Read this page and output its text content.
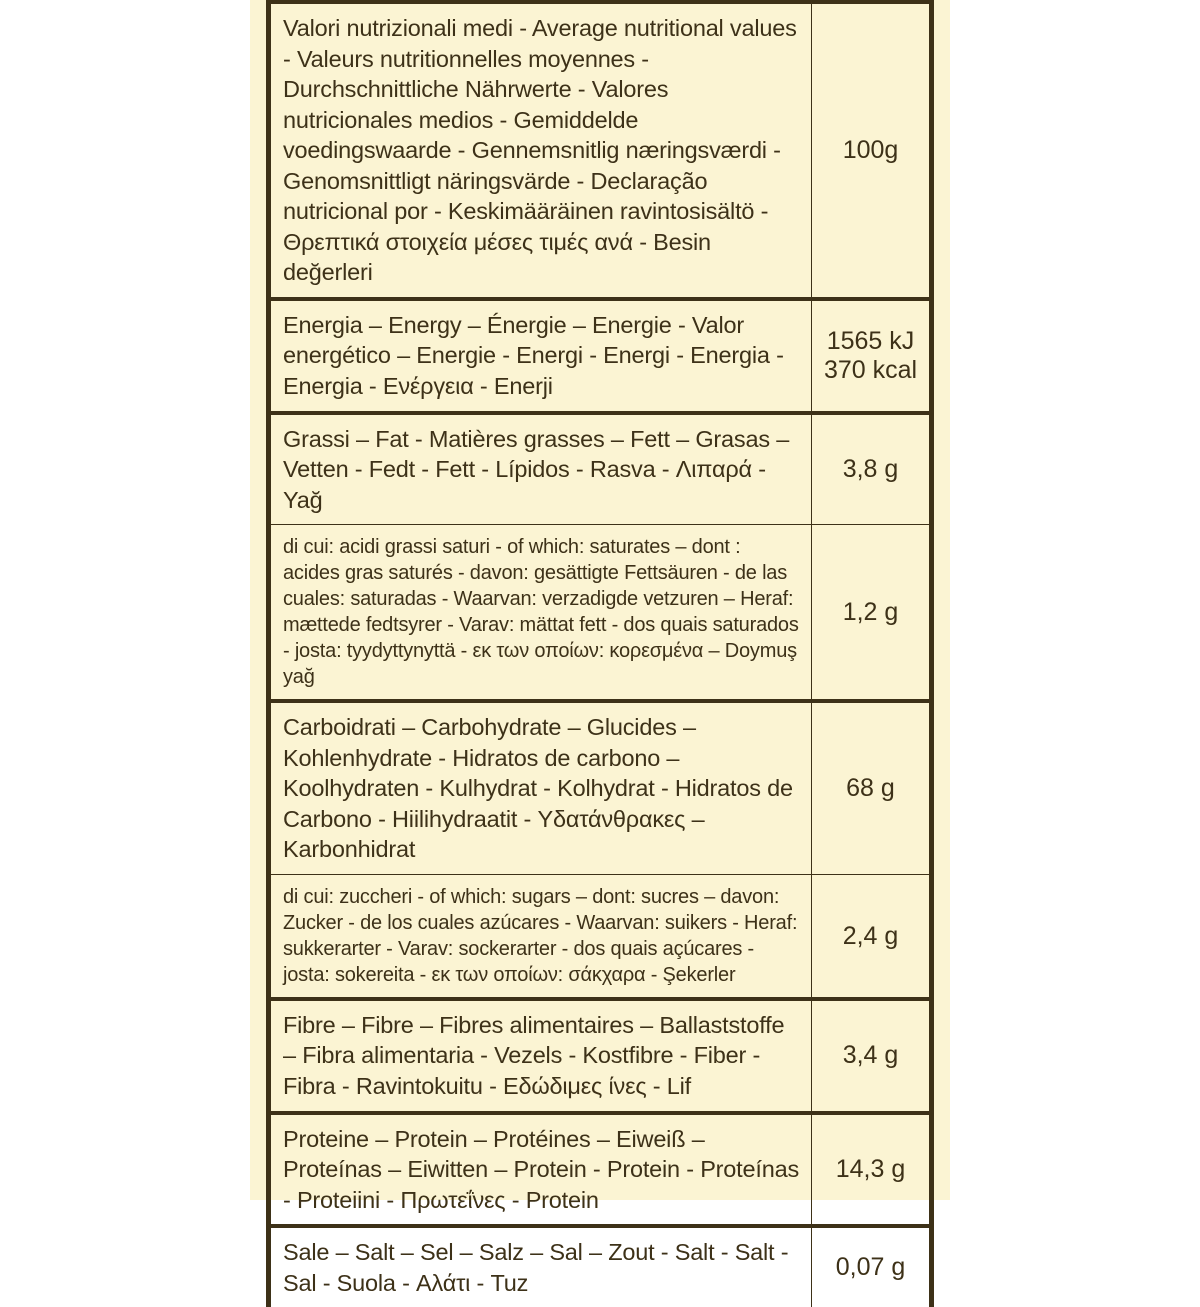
Valori nutrizionali medi - Average nutritional values - Valeurs nutritionnelles moyennes - Durchschnittliche Nährwerte - Valores nutricionales medios - Gemiddelde voedingswaarde - Gennemsnitlig næringsværdi - Genomsnittligt näringsvärde - Declaração nutricional por - Keskimääräinen ravintosisältö - Θρεπτικά στοιχεία μέσες τιμές ανά - Besin değerleri
100g
Energia – Energy – Énergie – Energie - Valor energético – Energie - Energi - Energi - Energia - Energia - Ενέργεια - Enerji
1565 kJ
370 kcal
Grassi – Fat - Matières grasses – Fett – Grasas – Vetten - Fedt - Fett - Lípidos - Rasva - Λιπαρά - Yağ
3,8 g
di cui: acidi grassi saturi - of which: saturates – dont : acides gras saturés - davon: gesättigte Fettsäuren - de las cuales: saturadas - Waarvan: verzadigde vetzuren – Heraf: mættede fedtsyrer - Varav: mättat fett - dos quais saturados - josta: tyydyttynyttä - εκ των οποίων: κορεσμένα – Doymuş yağ
1,2 g
Carboidrati – Carbohydrate – Glucides – Kohlenhydrate - Hidratos de carbono – Koolhydraten - Kulhydrat - Kolhydrat - Hidratos de Carbono - Hiilihydraatit - Υδατάνθρακες – Karbonhidrat
68 g
di cui: zuccheri - of which: sugars – dont: sucres – davon: Zucker - de los cuales azúcares - Waarvan: suikers - Heraf: sukkerarter - Varav: sockerarter - dos quais açúcares - josta: sokereita - εκ των οποίων: σάκχαρα - Şekerler
2,4 g
Fibre – Fibre – Fibres alimentaires – Ballaststoffe – Fibra alimentaria - Vezels - Kostfibre - Fiber - Fibra - Ravintokuitu - Εδώδιμες ίνες - Lif
3,4 g
Proteine – Protein – Protéines – Eiweiß – Proteínas – Eiwitten – Protein - Protein - Proteínas - Proteiini - Πρωτεΐνες - Protein
14,3 g
Sale – Salt – Sel – Salz – Sal – Zout - Salt - Salt - Sal - Suola - Αλάτι - Tuz
0,07 g
